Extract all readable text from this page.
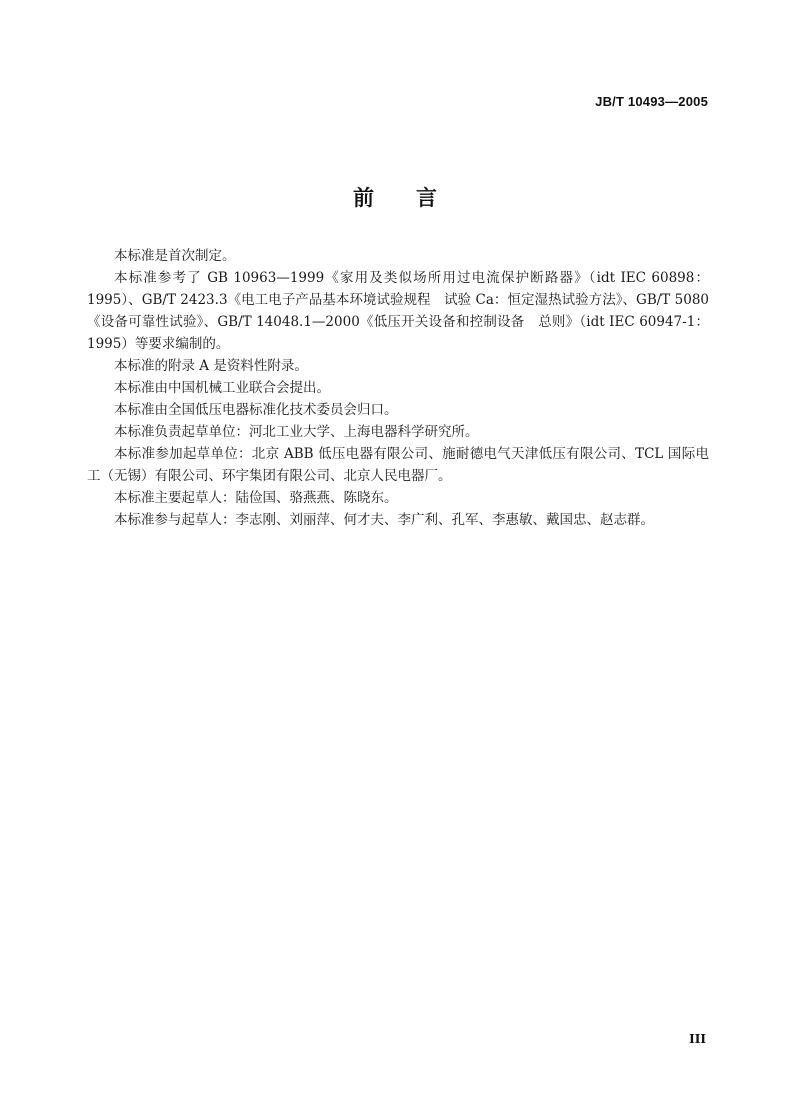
JB/T 10493—2005
前 言

本标准是首次制定。

本标准参考了 GB 10963—1999《家用及类似场所用过电流保护断路器》（idt IEC 60898：1995）、GB/T 2423.3《电工电子产品基本环境试验规程　试验 Ca：恒定湿热试验方法》、GB/T 5080《设备可靠性试验》、GB/T 14048.1—2000《低压开关设备和控制设备　总则》（idt IEC 60947-1：1995）等要求编制的。

本标准的附录 A 是资料性附录。

本标准由中国机械工业联合会提出。

本标准由全国低压电器标准化技术委员会归口。

本标准负责起草单位：河北工业大学、上海电器科学研究所。

本标准参加起草单位：北京 ABB 低压电器有限公司、施耐德电气天津低压有限公司、TCL 国际电工（无锡）有限公司、环宇集团有限公司、北京人民电器厂。

本标准主要起草人：陆俭国、骆燕燕、陈晓东。

本标准参与起草人：李志刚、刘丽萍、何才夫、李广利、孔军、李惠敏、戴国忠、赵志群。

III
